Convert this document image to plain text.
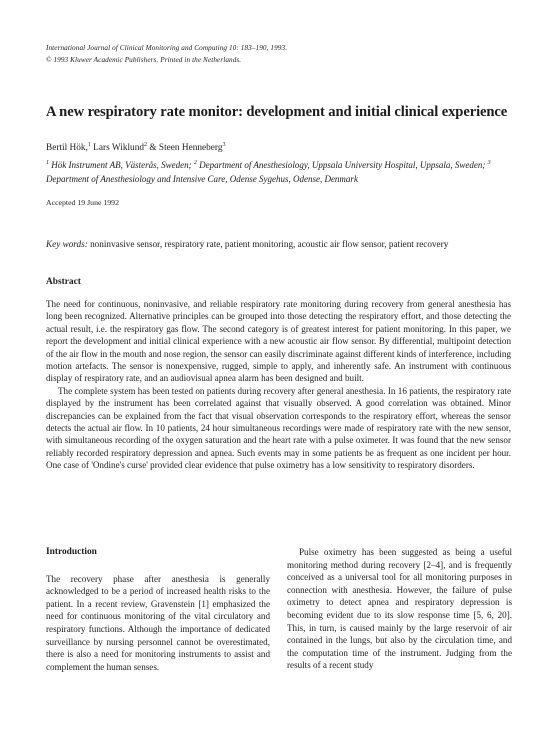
International Journal of Clinical Monitoring and Computing 10: 183–190, 1993.
© 1993 Kluwer Academic Publishers. Printed in the Netherlands.
A new respiratory rate monitor: development and initial clinical experience
Bertil Hök,$^1$ Lars Wiklund$^2$ & Steen Henneberg$^3$
$^1$ Hök Instrument AB, Västerås, Sweden; $^2$ Department of Anesthesiology, Uppsala University Hospital, Uppsala, Sweden; $^3$ Department of Anesthesiology and Intensive Care, Odense Sygehus, Odense, Denmark
Accepted 19 June 1992
Key words: noninvasive sensor, respiratory rate, patient monitoring, acoustic air flow sensor, patient recovery
Abstract

The need for continuous, noninvasive, and reliable respiratory rate monitoring during recovery from general anesthesia has long been recognized. Alternative principles can be grouped into those detecting the respiratory effort, and those detecting the actual result, i.e. the respiratory gas flow. The second category is of greatest interest for patient monitoring. In this paper, we report the development and initial clinical experience with a new acoustic air flow sensor. By differential, multipoint detection of the air flow in the mouth and nose region, the sensor can easily discriminate against different kinds of interference, including motion artefacts. The sensor is nonexpensive, rugged, simple to apply, and inherently safe. An instrument with continuous display of respiratory rate, and an audiovisual apnea alarm has been designed and built.

The complete system has been tested on patients during recovery after general anesthesia. In 16 patients, the respiratory rate displayed by the instrument has been correlated against that visually observed. A good correlation was obtained. Minor discrepancies can be explained from the fact that visual observation corresponds to the respiratory effort, whereas the sensor detects the actual air flow. In 10 patients, 24 hour simultaneous recordings were made of respiratory rate with the new sensor, with simultaneous recording of the oxygen saturation and the heart rate with a pulse oximeter. It was found that the new sensor reliably recorded respiratory depression and apnea. Such events may in some patients be as frequent as one incident per hour. One case of 'Ondine's curse' provided clear evidence that pulse oximetry has a low sensitivity to respiratory disorders.

Introduction

The recovery phase after anesthesia is generally acknowledged to be a period of increased health risks to the patient. In a recent review, Gravenstein [1] emphasized the need for continuous monitoring of the vital circulatory and respiratory functions. Although the importance of dedicated surveillance by nursing personnel cannot be overestimated, there is also a need for monitoring instruments to assist and complement the human senses.

Pulse oximetry has been suggested as being a useful monitoring method during recovery [2–4], and is frequently conceived as a universal tool for all monitoring purposes in connection with anesthesia. However, the failure of pulse oximetry to detect apnea and respiratory depression is becoming evident due to its slow response time [5, 6, 20]. This, in turn, is caused mainly by the large reservoir of air contained in the lungs, but also by the circulation time, and the computation time of the instrument. Judging from the results of a recent study
